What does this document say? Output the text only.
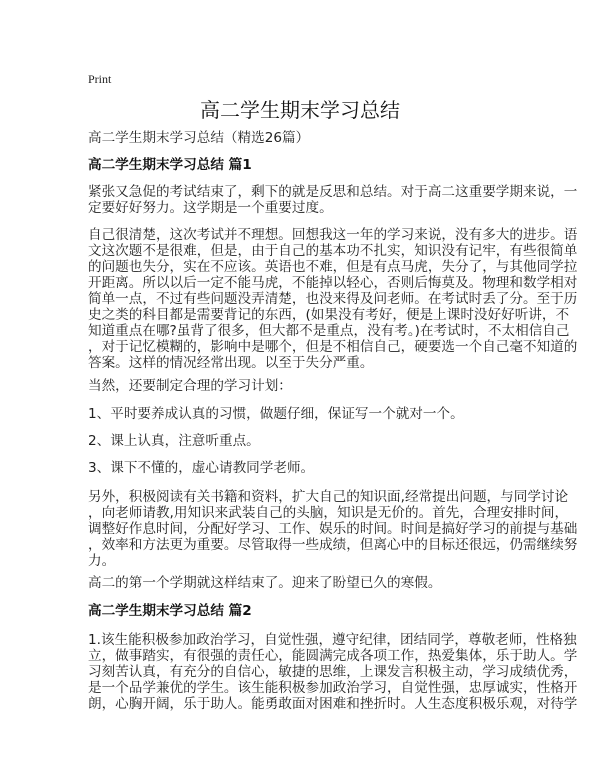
Print
高二学生期末学习总结
高二学生期末学习总结（精选26篇）
高二学生期末学习总结 篇1
紧张又急促的考试结束了，剩下的就是反思和总结。对于高二这重要学期来说，一
定要好好努力。这学期是一个重要过度。
自己很清楚，这次考试并不理想。回想我这一年的学习来说，没有多大的进步。语
文这次题不是很难，但是，由于自己的基本功不扎实，知识没有记牢，有些很简单
的问题也失分，实在不应该。英语也不难，但是有点马虎，失分了，与其他同学拉
开距离。所以以后一定不能马虎，不能掉以轻心，否则后悔莫及。物理和数学相对
简单一点，不过有些问题没弄清楚，也没来得及问老师。在考试时丢了分。至于历
史之类的科目都是需要背记的东西，(如果没有考好，便是上课时没好好听讲，不
知道重点在哪?虽背了很多，但大都不是重点，没有考。)在考试时，不太相信自己
，对于记忆模糊的，影响中是哪个，但是不相信自己，硬要选一个自己毫不知道的
答案。这样的情况经常出现。以至于失分严重。
当然，还要制定合理的学习计划：
1、平时要养成认真的习惯，做题仔细，保证写一个就对一个。
2、课上认真，注意听重点。
3、课下不懂的，虚心请教同学老师。
另外，积极阅读有关书籍和资料，扩大自己的知识面,经常提出问题，与同学讨论
，向老师请教,用知识来武装自己的头脑，知识是无价的。首先，合理安排时间，
调整好作息时间，分配好学习、工作、娱乐的时间。时间是搞好学习的前提与基础
，效率和方法更为重要。尽管取得一些成绩，但离心中的目标还很远，仍需继续努
力。
高二的第一个学期就这样结束了。迎来了盼望已久的寒假。
高二学生期末学习总结 篇2
1.该生能积极参加政治学习，自觉性强，遵守纪律，团结同学，尊敬老师，性格独
立，做事踏实，有很强的责任心，能圆满完成各项工作，热爱集体，乐于助人。学
习刻苦认真，有充分的自信心，敏捷的思维，上课发言积极主动，学习成绩优秀，
是一个品学兼优的学生。该生能积极参加政治学习，自觉性强，忠厚诚实，性格开
朗，心胸开阔，乐于助人。能勇敢面对困难和挫折时。人生态度积极乐观，对待学
